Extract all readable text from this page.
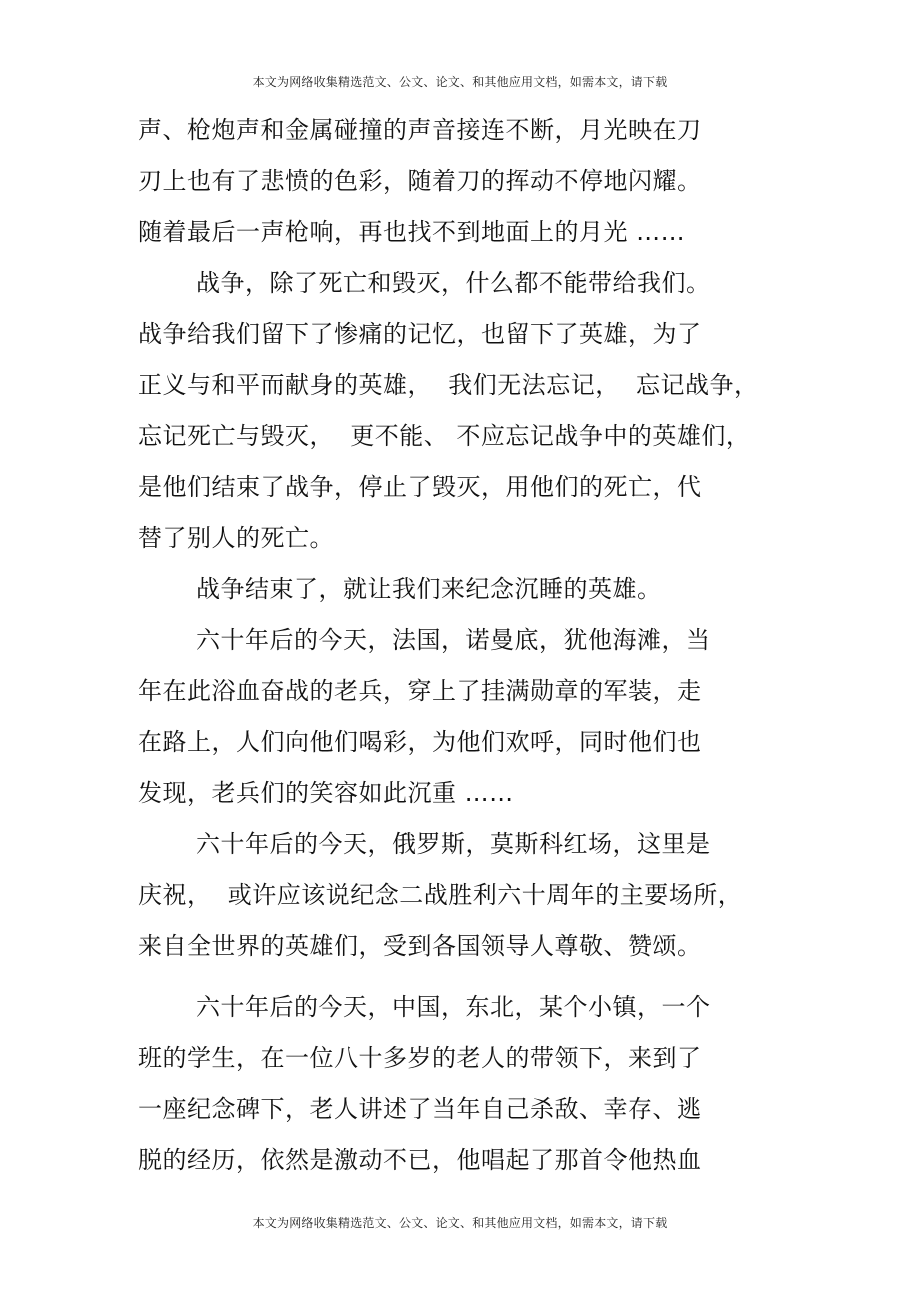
本文为网络收集精选范文、公文、论文、和其他应用文档，如需本文，请下载
声、枪炮声和金属碰撞的声音接连不断，月光映在刀
刃上也有了悲愤的色彩，随着刀的挥动不停地闪耀。
随着最后一声枪响，再也找不到地面上的月光 ……
战争，除了死亡和毁灭，什么都不能带给我们。
战争给我们留下了惨痛的记忆，也留下了英雄，为了
正义与和平而献身的英雄，  我们无法忘记，  忘记战争，
忘记死亡与毁灭，  更不能、 不应忘记战争中的英雄们，
是他们结束了战争，停止了毁灭，用他们的死亡，代
替了别人的死亡。
战争结束了，就让我们来纪念沉睡的英雄。
六十年后的今天，法国，诺曼底，犹他海滩，当
年在此浴血奋战的老兵，穿上了挂满勋章的军装，走
在路上，人们向他们喝彩，为他们欢呼，同时他们也
发现，老兵们的笑容如此沉重 ……
六十年后的今天，俄罗斯，莫斯科红场，这里是
庆祝，  或许应该说纪念二战胜利六十周年的主要场所，
来自全世界的英雄们，受到各国领导人尊敬、赞颂。
六十年后的今天，中国，东北，某个小镇，一个
班的学生，在一位八十多岁的老人的带领下，来到了
一座纪念碑下，老人讲述了当年自己杀敌、幸存、逃
脱的经历，依然是激动不已，他唱起了那首令他热血
本文为网络收集精选范文、公文、论文、和其他应用文档，如需本文，请下载
